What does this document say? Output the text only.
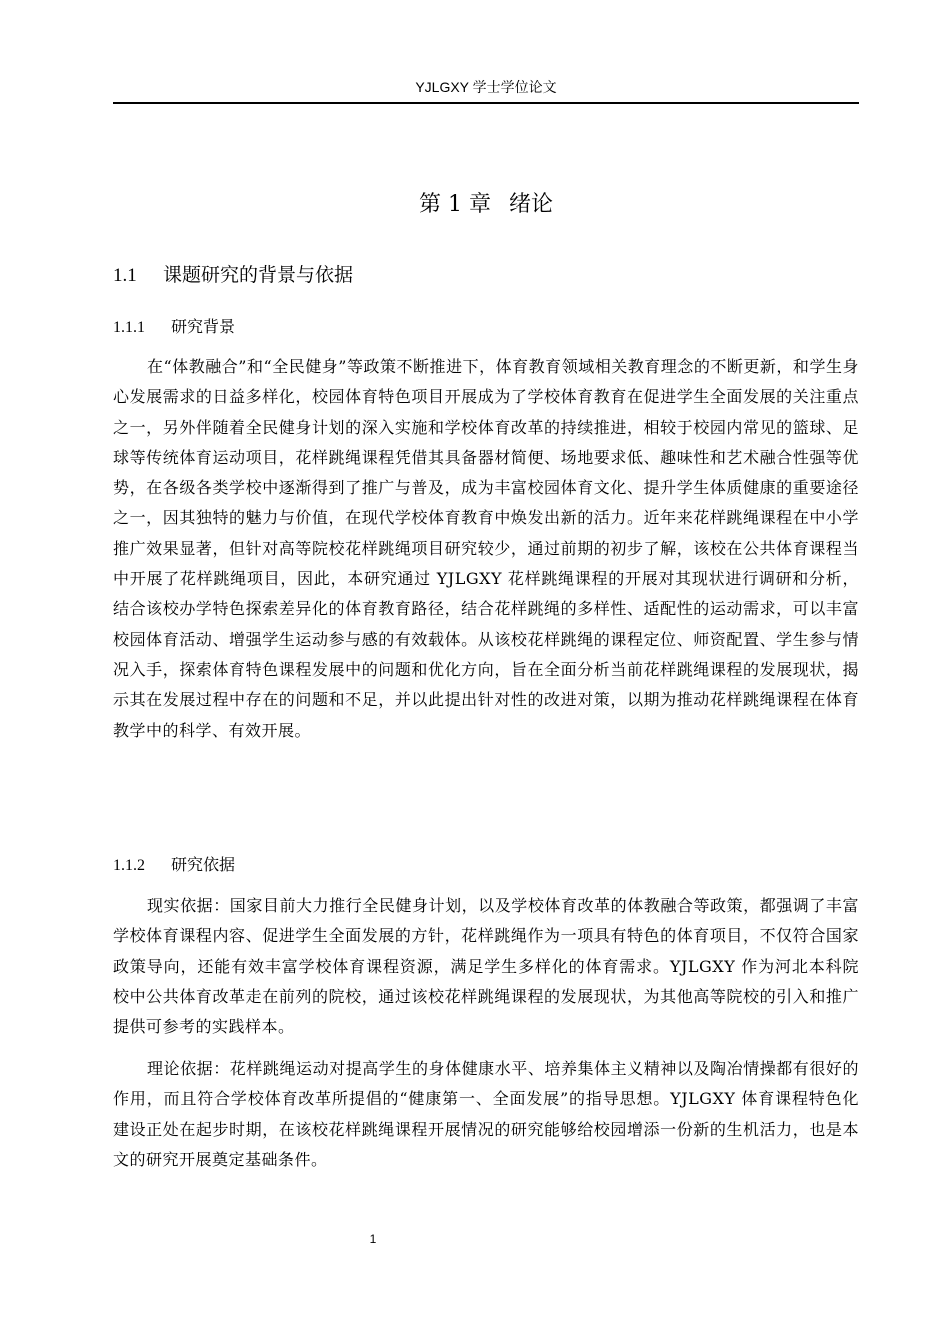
YJLGXY 学士学位论文
第 1 章 绪论
1.1 课题研究的背景与依据
1.1.1 研究背景
在“体教融合”和“全民健身”等政策不断推进下，体育教育领域相关教育理念的不断更新，和学生身心发展需求的日益多样化，校园体育特色项目开展成为了学校体育教育在促进学生全面发展的关注重点之一，另外伴随着全民健身计划的深入实施和学校体育改革的持续推进，相较于校园内常见的篮球、足球等传统体育运动项目，花样跳绳课程凭借其具备器材简便、场地要求低、趣味性和艺术融合性强等优势，在各级各类学校中逐渐得到了推广与普及，成为丰富校园体育文化、提升学生体质健康的重要途径之一，因其独特的魅力与价值，在现代学校体育教育中焕发出新的活力。近年来花样跳绳课程在中小学推广效果显著，但针对高等院校花样跳绳项目研究较少，通过前期的初步了解，该校在公共体育课程当中开展了花样跳绳项目，因此，本研究通过 YJLGXY 花样跳绳课程的开展对其现状进行调研和分析，结合该校办学特色探索差异化的体育教育路径，结合花样跳绳的多样性、适配性的运动需求，可以丰富校园体育活动、增强学生运动参与感的有效载体。从该校花样跳绳的课程定位、师资配置、学生参与情况入手，探索体育特色课程发展中的问题和优化方向，旨在全面分析当前花样跳绳课程的发展现状，揭示其在发展过程中存在的问题和不足，并以此提出针对性的改进对策，以期为推动花样跳绳课程在体育教学中的科学、有效开展。
1.1.2 研究依据
现实依据：国家目前大力推行全民健身计划，以及学校体育改革的体教融合等政策，都强调了丰富学校体育课程内容、促进学生全面发展的方针，花样跳绳作为一项具有特色的体育项目，不仅符合国家政策导向，还能有效丰富学校体育课程资源，满足学生多样化的体育需求。YJLGXY 作为河北本科院校中公共体育改革走在前列的院校，通过该校花样跳绳课程的发展现状，为其他高等院校的引入和推广提供可参考的实践样本。
理论依据：花样跳绳运动对提高学生的身体健康水平、培养集体主义精神以及陶冶情操都有很好的作用，而且符合学校体育改革所提倡的“健康第一、全面发展”的指导思想。YJLGXY 体育课程特色化建设正处在起步时期，在该校花样跳绳课程开展情况的研究能够给校园增添一份新的生机活力，也是本文的研究开展奠定基础条件。
1
